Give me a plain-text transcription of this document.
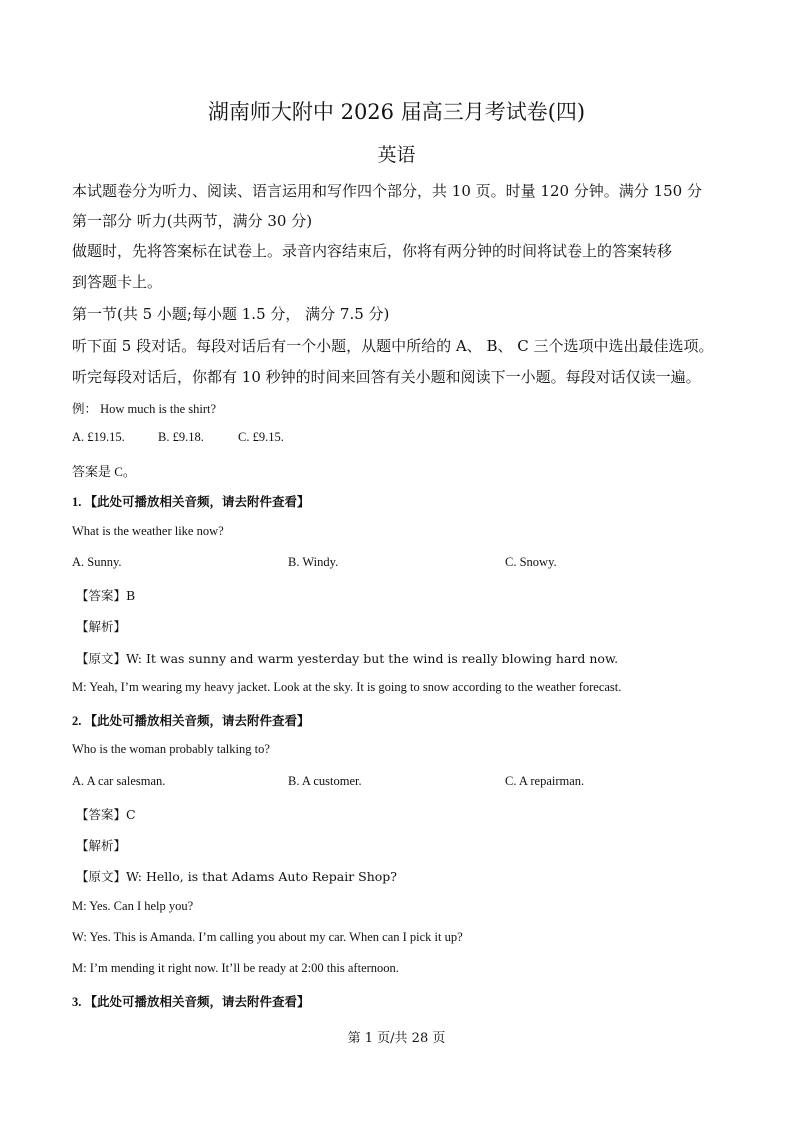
湖南师大附中 2026 届高三月考试卷(四)
英语
本试题卷分为听力、阅读、语言运用和写作四个部分，共 10 页。时量 120 分钟。满分 150 分
第一部分 听力(共两节，满分 30 分)
做题时，先将答案标在试卷上。录音内容结束后，你将有两分钟的时间将试卷上的答案转移
到答题卡上。
第一节(共 5 小题;每小题 1.5 分， 满分 7.5 分)
听下面 5 段对话。每段对话后有一个小题，从题中所给的 A、 B、 C 三个选项中选出最佳选项。
听完每段对话后，你都有 10 秒钟的时间来回答有关小题和阅读下一小题。每段对话仅读一遍。
例： How much is the shirt?
A. £19.15.	B. £9.18.	C. £9.15.
答案是 C。
1. 【此处可播放相关音频，请去附件查看】
What is the weather like now?
A. Sunny.	B. Windy.	C. Snowy.
【答案】B
【解析】
【原文】W: It was sunny and warm yesterday but the wind is really blowing hard now.
M: Yeah, I’m wearing my heavy jacket. Look at the sky. It is going to snow according to the weather forecast.
2. 【此处可播放相关音频，请去附件查看】
Who is the woman probably talking to?
A. A car salesman.	B. A customer.	C. A repairman.
【答案】C
【解析】
【原文】W: Hello, is that Adams Auto Repair Shop?
M: Yes. Can I help you?
W: Yes. This is Amanda. I’m calling you about my car. When can I pick it up?
M: I’m mending it right now. It’ll be ready at 2:00 this afternoon.
3. 【此处可播放相关音频，请去附件查看】
第 1 页/共 28 页
